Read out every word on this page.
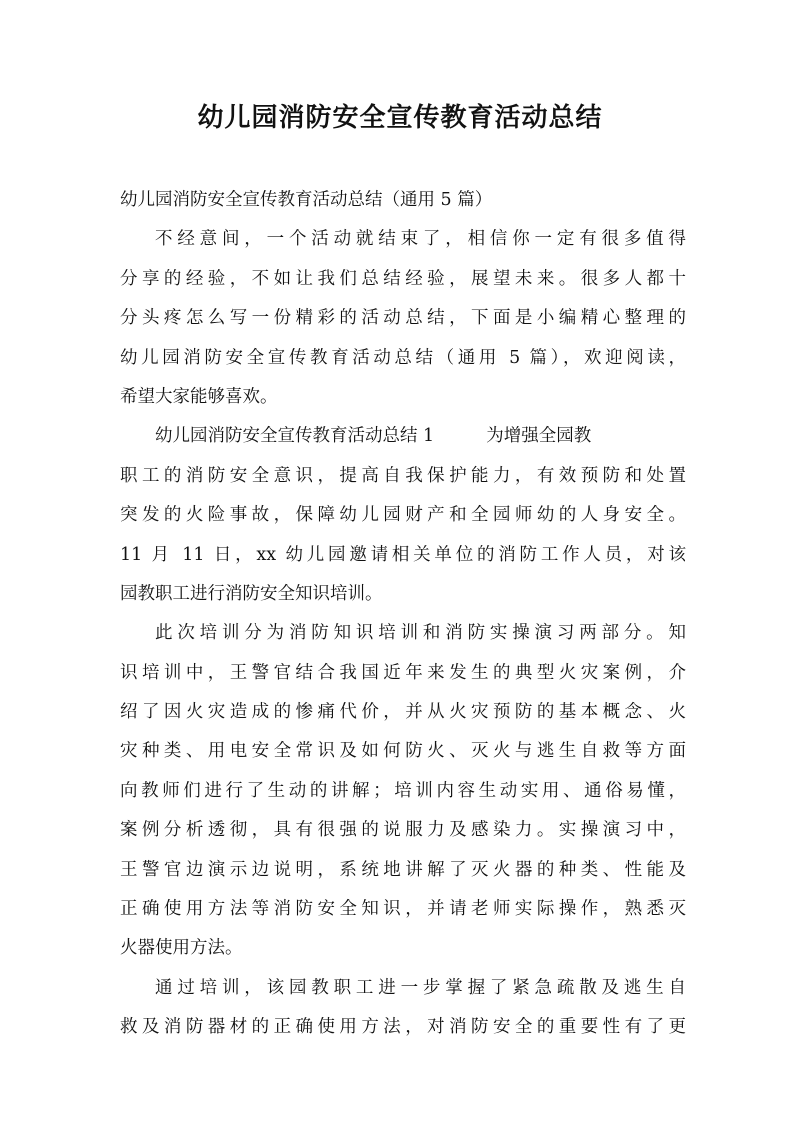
幼儿园消防安全宣传教育活动总结
幼儿园消防安全宣传教育活动总结（通用 5 篇）
不经意间，一个活动就结束了，相信你一定有很多值得
分享的经验，不如让我们总结经验，展望未来。很多人都十
分头疼怎么写一份精彩的活动总结，下面是小编精心整理的
幼儿园消防安全宣传教育活动总结（通用 5 篇），欢迎阅读，
希望大家能够喜欢。
幼儿园消防安全宣传教育活动总结 1	为增强全园教
职工的消防安全意识，提高自我保护能力，有效预防和处置
突发的火险事故，保障幼儿园财产和全园师幼的人身安全。
11 月 11 日，xx 幼儿园邀请相关单位的消防工作人员，对该
园教职工进行消防安全知识培训。
此次培训分为消防知识培训和消防实操演习两部分。知
识培训中，王警官结合我国近年来发生的典型火灾案例，介
绍了因火灾造成的惨痛代价，并从火灾预防的基本概念、火
灾种类、用电安全常识及如何防火、灭火与逃生自救等方面
向教师们进行了生动的讲解；培训内容生动实用、通俗易懂，
案例分析透彻，具有很强的说服力及感染力。实操演习中，
王警官边演示边说明，系统地讲解了灭火器的种类、性能及
正确使用方法等消防安全知识，并请老师实际操作，熟悉灭
火器使用方法。
通过培训，该园教职工进一步掌握了紧急疏散及逃生自
救及消防器材的正确使用方法，对消防安全的重要性有了更
